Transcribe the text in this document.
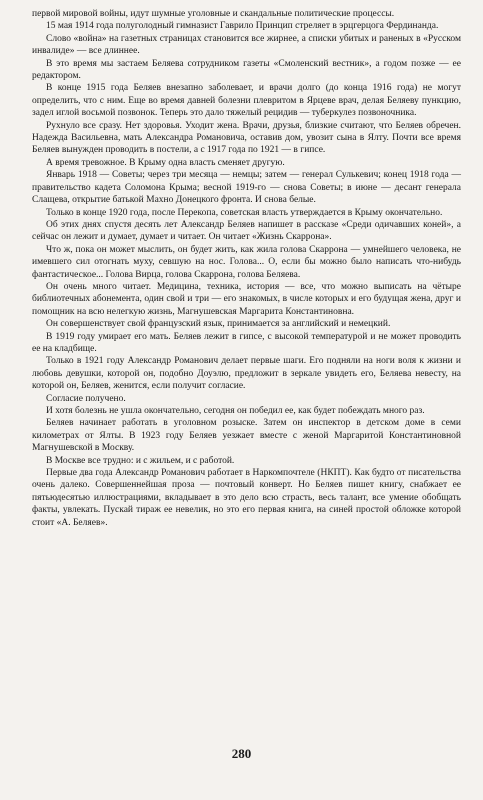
первой мировой войны, идут шумные уголовные и скандальные политические процессы.

15 мая 1914 года полуголодный гимназист Гаврило Принцип стреляет в эрцгерцога Фердинанда.

Слово «война» на газетных страницах становится все жирнее, а списки убитых и раненых в «Русском инвалиде» — все длиннее.

В это время мы застаем Беляева сотрудником газеты «Смоленский вестник», а годом позже — ее редактором.

В конце 1915 года Беляев внезапно заболевает, и врачи долго (до конца 1916 года) не могут определить, что с ним. Еще во время давней болезни плевритом в Ярцеве врач, делая Беляеву пункцию, задел иглой восьмой позвонок. Теперь это дало тяжелый рецидив — туберкулез позвоночника.

Рухнуло все сразу. Нет здоровья. Уходит жена. Врачи, друзья, близкие считают, что Беляев обречен. Надежда Васильевна, мать Александра Романовича, оставив дом, увозит сына в Ялту. Почти все время Беляев вынужден проводить в постели, а с 1917 года по 1921 — в гипсе.

А время тревожное. В Крыму одна власть сменяет другую.

Январь 1918 — Советы; через три месяца — немцы; затем — генерал Сулькевич; конец 1918 года — правительство кадета Соломона Крыма; весной 1919-го — снова Советы; в июне — десант генерала Слащева, открытие батькой Махно Донецкого фронта. И снова белые.

Только в конце 1920 года, после Перекопа, советская власть утверждается в Крыму окончательно.

Об этих днях спустя десять лет Александр Беляев напишет в рассказе «Среди одичавших коней», а сейчас он лежит и думает, думает и читает. Он читает «Жизнь Скаррона».

Что ж, пока он может мыслить, он будет жить, как жила голова Скаррона — умнейшего человека, не имевшего сил отогнать муху, севшую на нос. Голова... О, если бы можно было написать что-нибудь фантастическое... Голова Вирца, голова Скаррона, голова Беляева.

Он очень много читает. Медицина, техника, история — все, что можно выписать на чётыре библиотечных абонемента, один свой и три — его знакомых, в числе которых и его будущая жена, друг и помощник на всю нелегкую жизнь, Магнушевская Маргарита Константиновна.

Он совершенствует свой французский язык, принимается за английский и немецкий.

В 1919 году умирает его мать. Беляев лежит в гипсе, с высокой температурой и не может проводить ее на кладбище.

Только в 1921 году Александр Романович делает первые шаги. Его подняли на ноги воля к жизни и любовь девушки, которой он, подобно Доуэлю, предложит в зеркале увидеть его, Беляева невесту, на которой он, Беляев, женится, если получит согласие.

Согласие получено.

И хотя болезнь не ушла окончательно, сегодня он победил ее, как будет побеждать много раз.

Беляев начинает работать в уголовном розыске. Затем он инспектор в детском доме в семи километрах от Ялты. В 1923 году Беляев уезжает вместе с женой Маргаритой Константиновной Магнушевской в Москву.

В Москве все трудно: и с жильем, и с работой.

Первые два года Александр Романович работает в Наркомпочтеле (НКПТ). Как будто от писательства очень далеко. Совершеннейшая проза — почтовый конверт. Но Беляев пишет книгу, снабжает ее пятьюдесятью иллюстрациями, вкладывает в это дело всю страсть, весь талант, все умение обобщать факты, увлекать. Пускай тираж ее невелик, но это его первая книга, на синей простой обложке которой стоит «А. Беляев».

280
